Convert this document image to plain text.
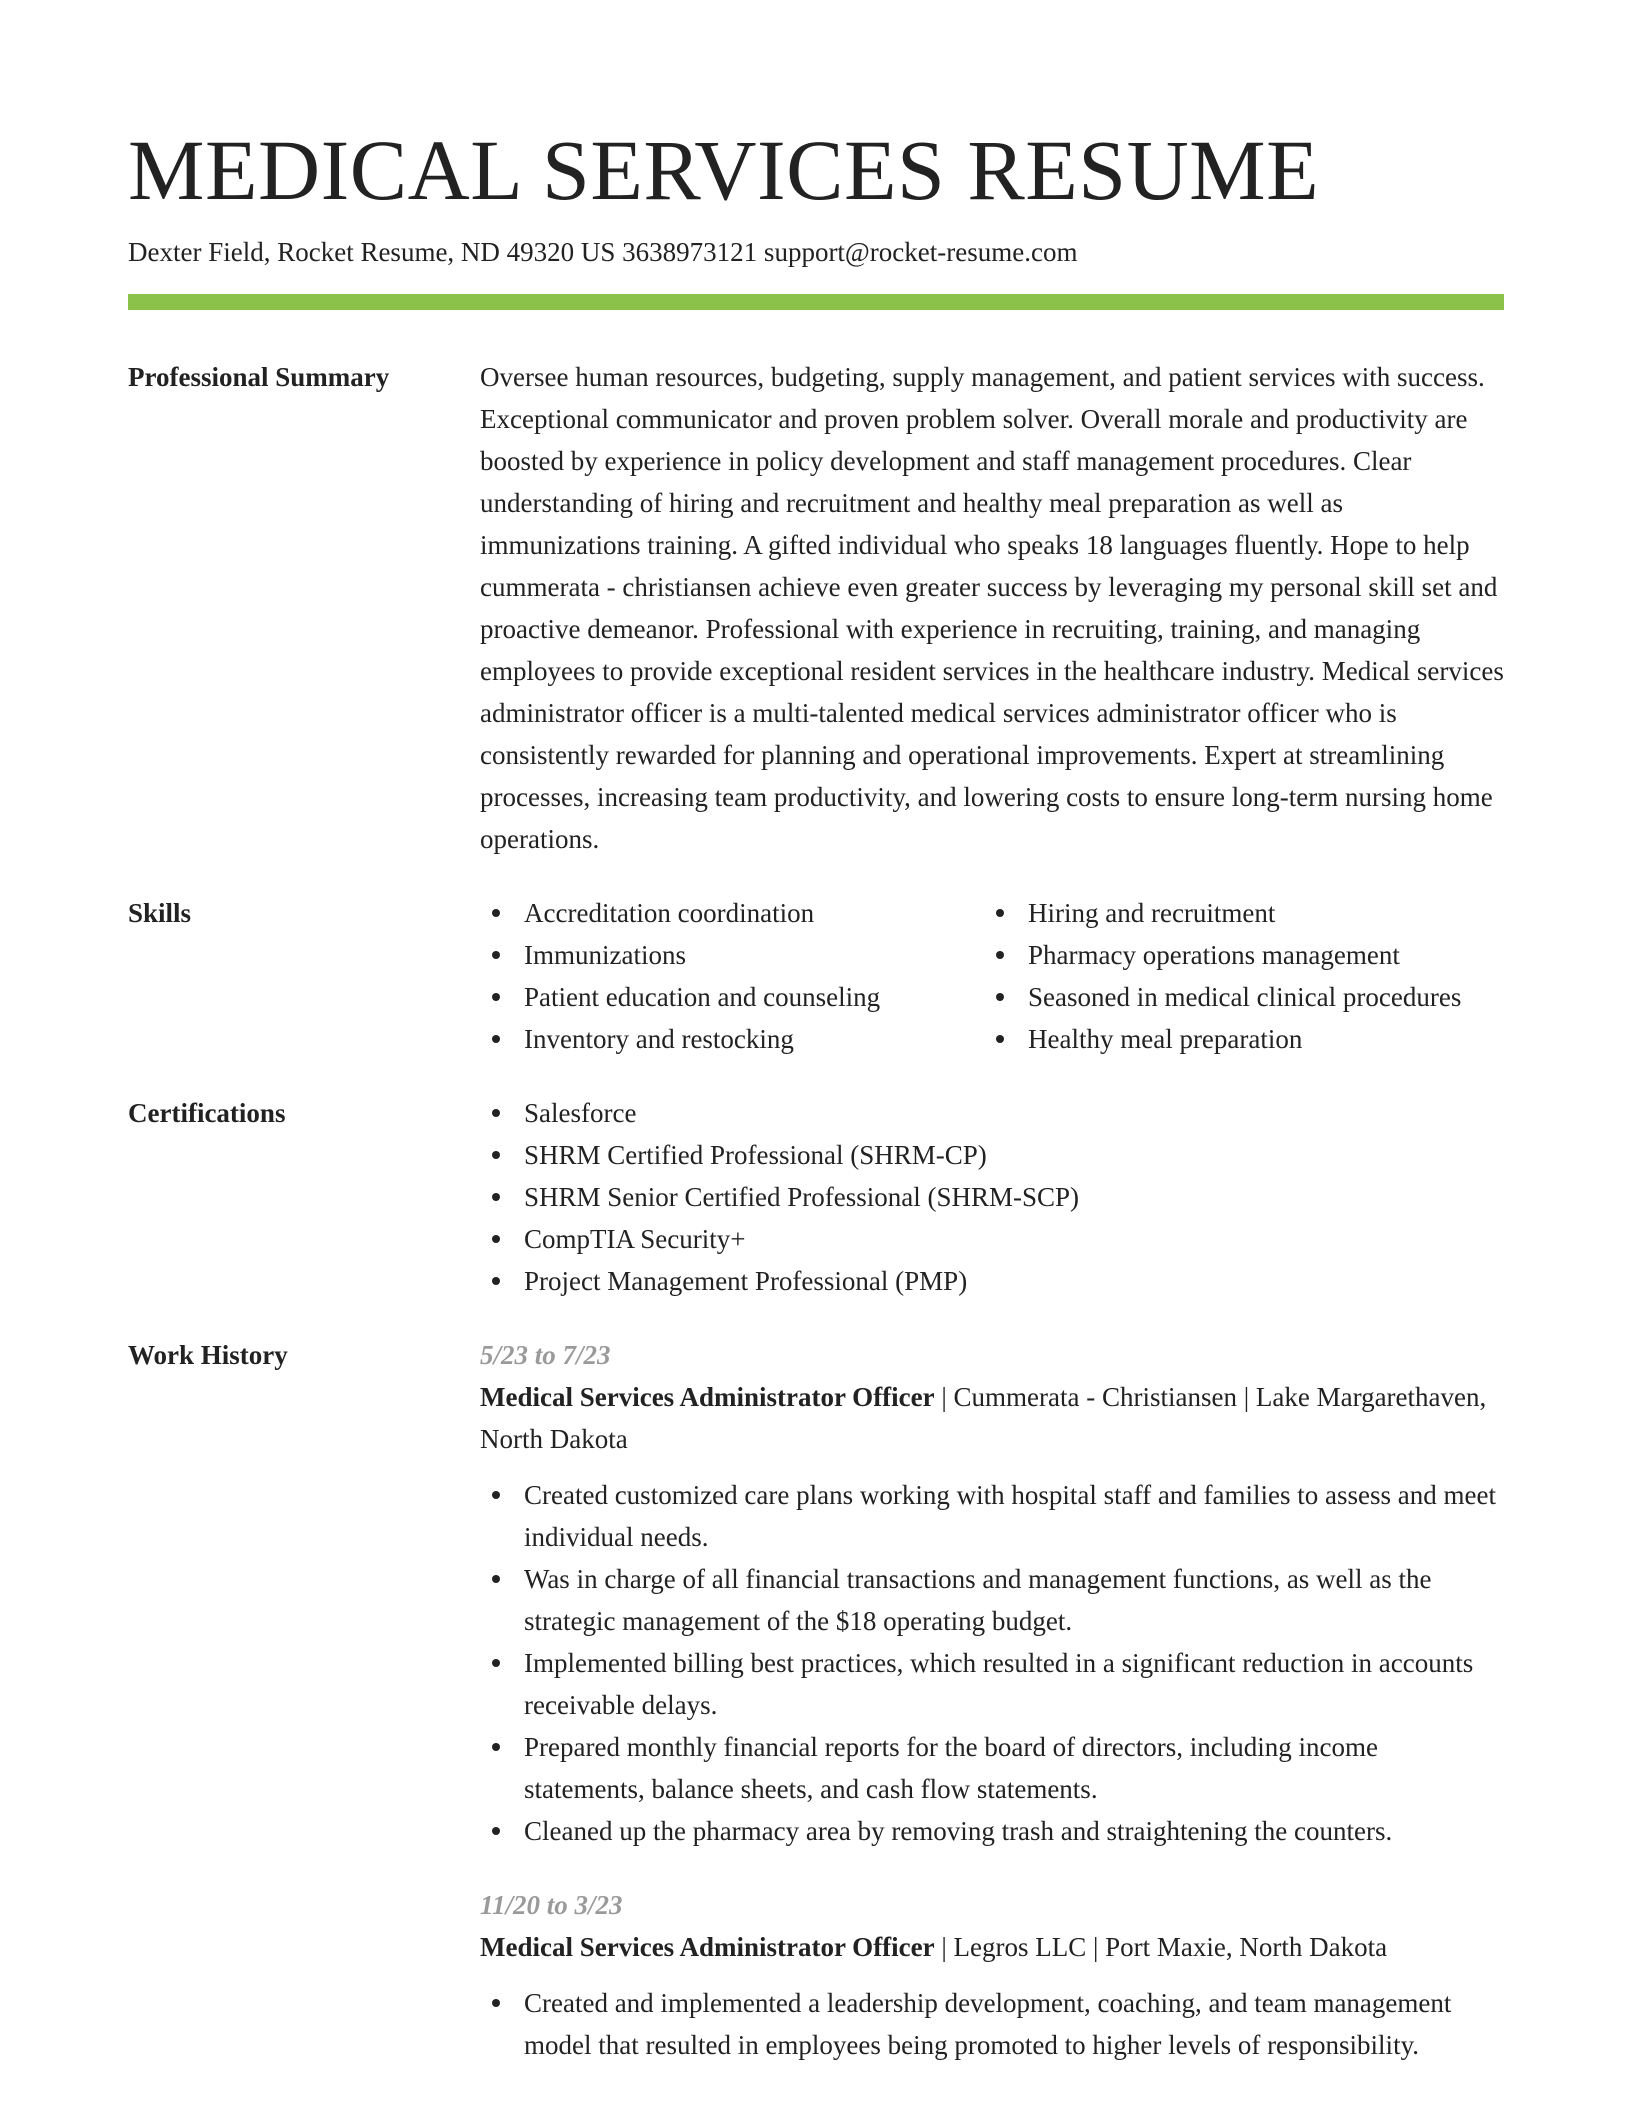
MEDICAL SERVICES RESUME
Dexter Field, Rocket Resume, ND 49320 US 3638973121 support@rocket-resume.com
Professional Summary	Oversee human resources, budgeting, supply management, and patient services with success. Exceptional communicator and proven problem solver. Overall morale and productivity are boosted by experience in policy development and staff management procedures. Clear understanding of hiring and recruitment and healthy meal preparation as well as immunizations training. A gifted individual who speaks 18 languages fluently. Hope to help cummerata - christiansen achieve even greater success by leveraging my personal skill set and proactive demeanor. Professional with experience in recruiting, training, and managing employees to provide exceptional resident services in the healthcare industry. Medical services administrator officer is a multi-talented medical services administrator officer who is consistently rewarded for planning and operational improvements. Expert at streamlining processes, increasing team productivity, and lowering costs to ensure long-term nursing home operations.

Skills	Accreditation coordination
Immunizations
Patient education and counseling
Inventory and restocking
Hiring and recruitment
Pharmacy operations management
Seasoned in medical clinical procedures
Healthy meal preparation
Certifications	Salesforce
SHRM Certified Professional (SHRM-CP)
SHRM Senior Certified Professional (SHRM-SCP)
CompTIA Security+
Project Management Professional (PMP)
Work History	5/23 to 7/23

Medical Services Administrator Officer | Cummerata - Christiansen | Lake Margarethaven, North Dakota

Created customized care plans working with hospital staff and families to assess and meet individual needs.
Was in charge of all financial transactions and management functions, as well as the strategic management of the $18 operating budget.
Implemented billing best practices, which resulted in a significant reduction in accounts receivable delays.
Prepared monthly financial reports for the board of directors, including income statements, balance sheets, and cash flow statements.
Cleaned up the pharmacy area by removing trash and straightening the counters.
11/20 to 3/23

Medical Services Administrator Officer | Legros LLC | Port Maxie, North Dakota

Created and implemented a leadership development, coaching, and team management model that resulted in employees being promoted to higher levels of responsibility.
